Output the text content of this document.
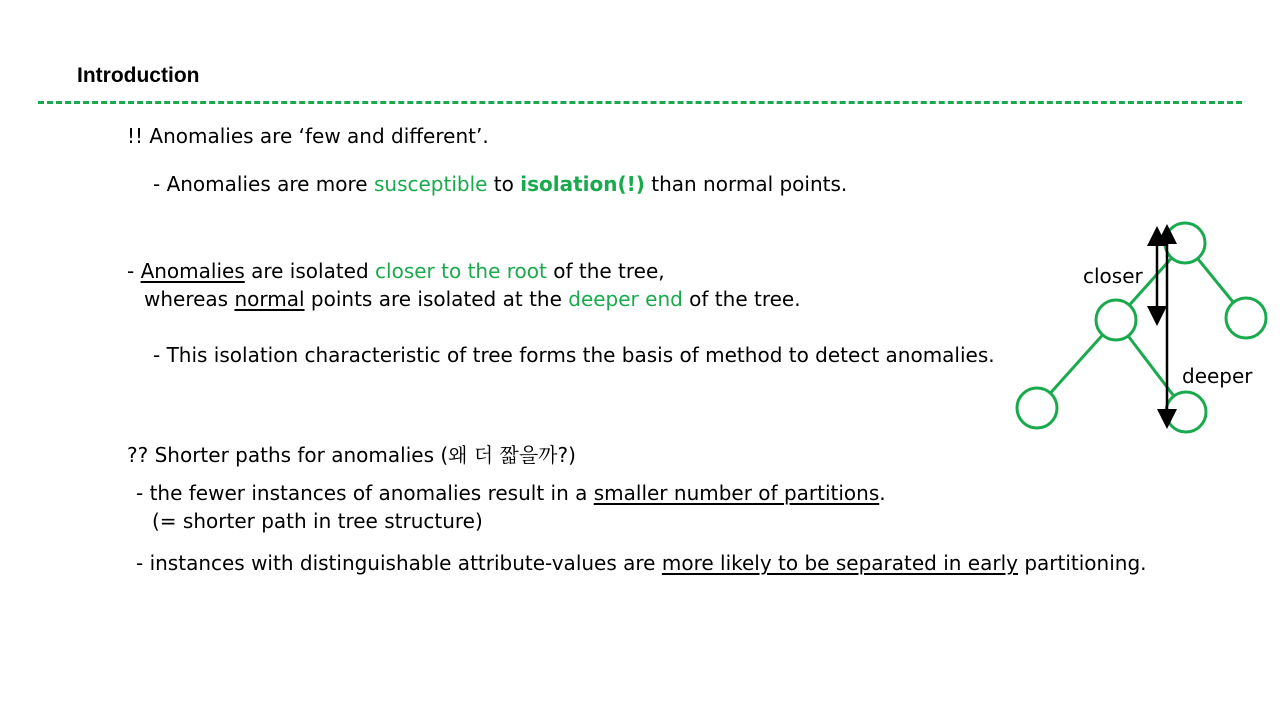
Introduction
!! Anomalies are ‘few and different’.
- Anomalies are more susceptible to isolation(!) than normal points.
- Anomalies are isolated closer to the root of the tree,
whereas normal points are isolated at the deeper end of the tree.
- This isolation characteristic of tree forms the basis of method to detect anomalies.
?? Shorter paths for anomalies (왜 더 짧을까?)
- the fewer instances of anomalies result in a smaller number of partitions.
(= shorter path in tree structure)
- instances with distinguishable attribute-values are more likely to be separated in early partitioning.
closer
deeper
